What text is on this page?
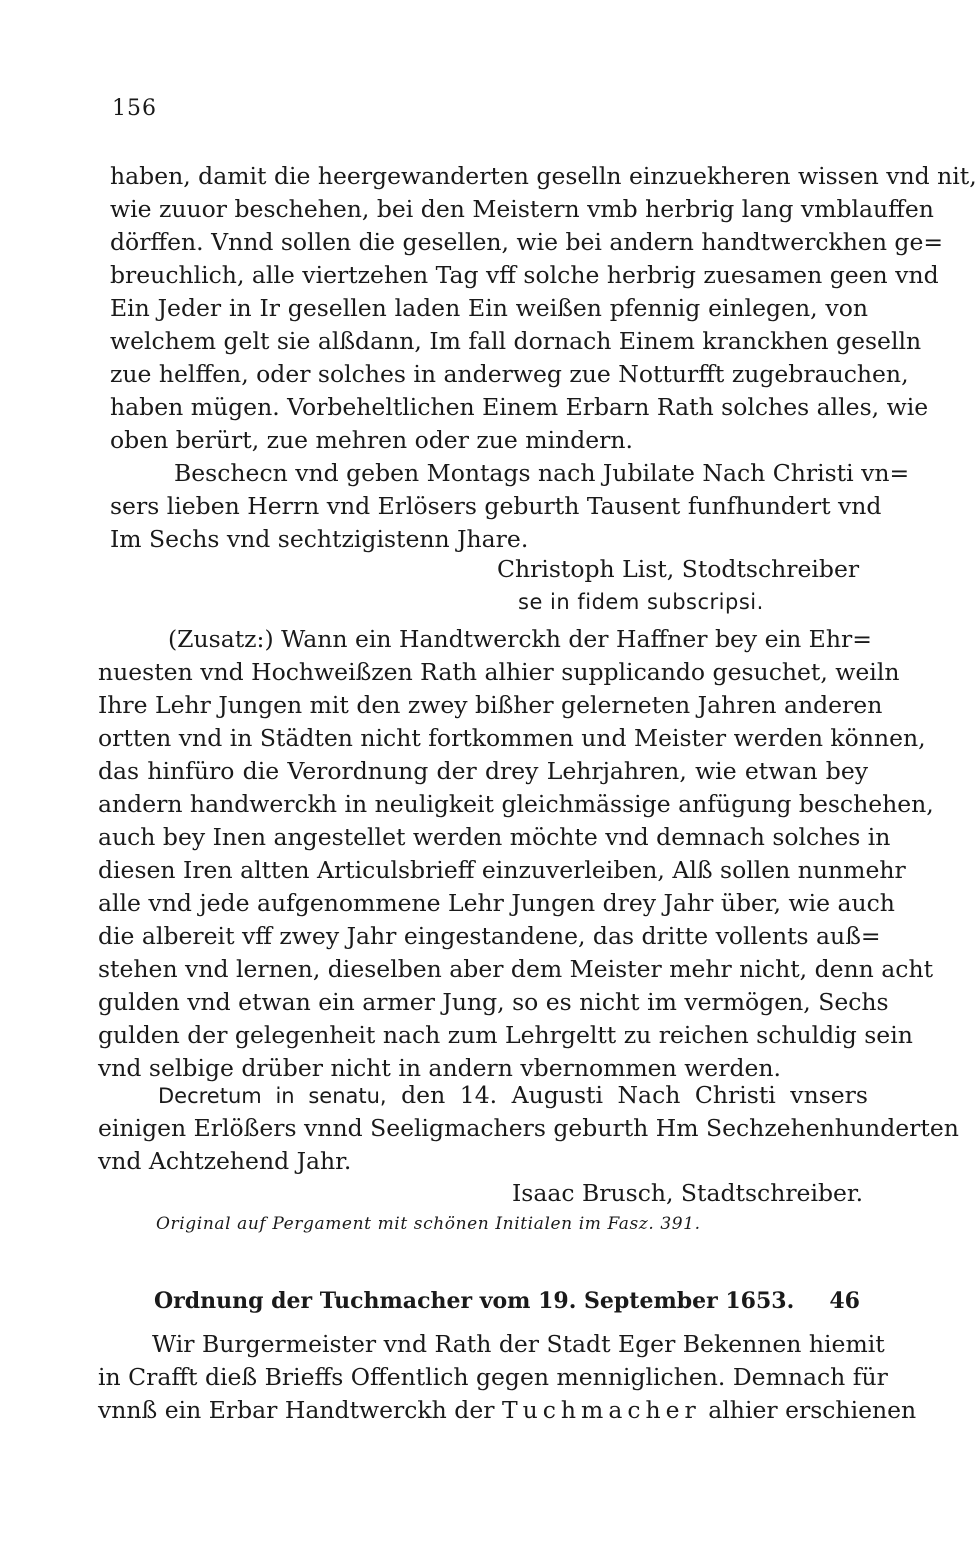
156
haben, damit die heergewanderten geselln einzuekheren wissen vnd nit,
wie zuuor beschehen, bei den Meistern vmb herbrig lang vmblauffen
dörffen. Vnnd sollen die gesellen, wie bei andern handtwerckhen ge=
breuchlich, alle viertzehen Tag vff solche herbrig zuesamen geen vnd
Ein Jeder in Ir gesellen laden Ein weißen pfennig einlegen, von
welchem gelt sie alßdann, Im fall dornach Einem kranckhen geselln
zue helffen, oder solches in anderweg zue Notturfft zugebrauchen,
haben mügen. Vorbeheltlichen Einem Erbarn Rath solches alles, wie
oben berürt, zue mehren oder zue mindern.
Beschecn vnd geben Montags nach Jubilate Nach Christi vn=
sers lieben Herrn vnd Erlösers geburth Tausent funfhundert vnd
Im Sechs vnd sechtzigistenn Jhare.
Christoph List, Stodtschreiber
se in fidem subscripsi.
(Zusatz:) Wann ein Handtwerckh der Haffner bey ein Ehr=
nuesten vnd Hochweißzen Rath alhier supplicando gesuchet, weiln
Ihre Lehr Jungen mit den zwey bißher gelerneten Jahren anderen
ortten vnd in Städten nicht fortkommen und Meister werden können,
das hinfüro die Verordnung der drey Lehrjahren, wie etwan bey
andern handwerckh in neuligkeit gleichmässige anfügung beschehen,
auch bey Inen angestellet werden möchte vnd demnach solches in
diesen Iren altten Articulsbrieff einzuverleiben, Alß sollen nunmehr
alle vnd jede aufgenommene Lehr Jungen drey Jahr über, wie auch
die albereit vff zwey Jahr eingestandene, das dritte vollents auß=
stehen vnd lernen, dieselben aber dem Meister mehr nicht, denn acht
gulden vnd etwan ein armer Jung, so es nicht im vermögen, Sechs
gulden der gelegenheit nach zum Lehrgeltt zu reichen schuldig sein
vnd selbige drüber nicht in andern vbernommen werden.
Decretum in senatu, den 14. Augusti Nach Christi vnsers
einigen Erlößers vnnd Seeligmachers geburth Hm Sechzehenhunderten
vnd Achtzehend Jahr.
Isaac Brusch, Stadtschreiber.
Original auf Pergament mit schönen Initialen im Fasz. 391.
Ordnung der Tuchmacher vom 19. September 1653. 46
Wir Burgermeister vnd Rath der Stadt Eger Bekennen hiemit
in Crafft dieß Brieffs Offentlich gegen menniglichen. Demnach für
vnnß ein Erbar Handtwerckh der Tuchmacher alhier erschienen
